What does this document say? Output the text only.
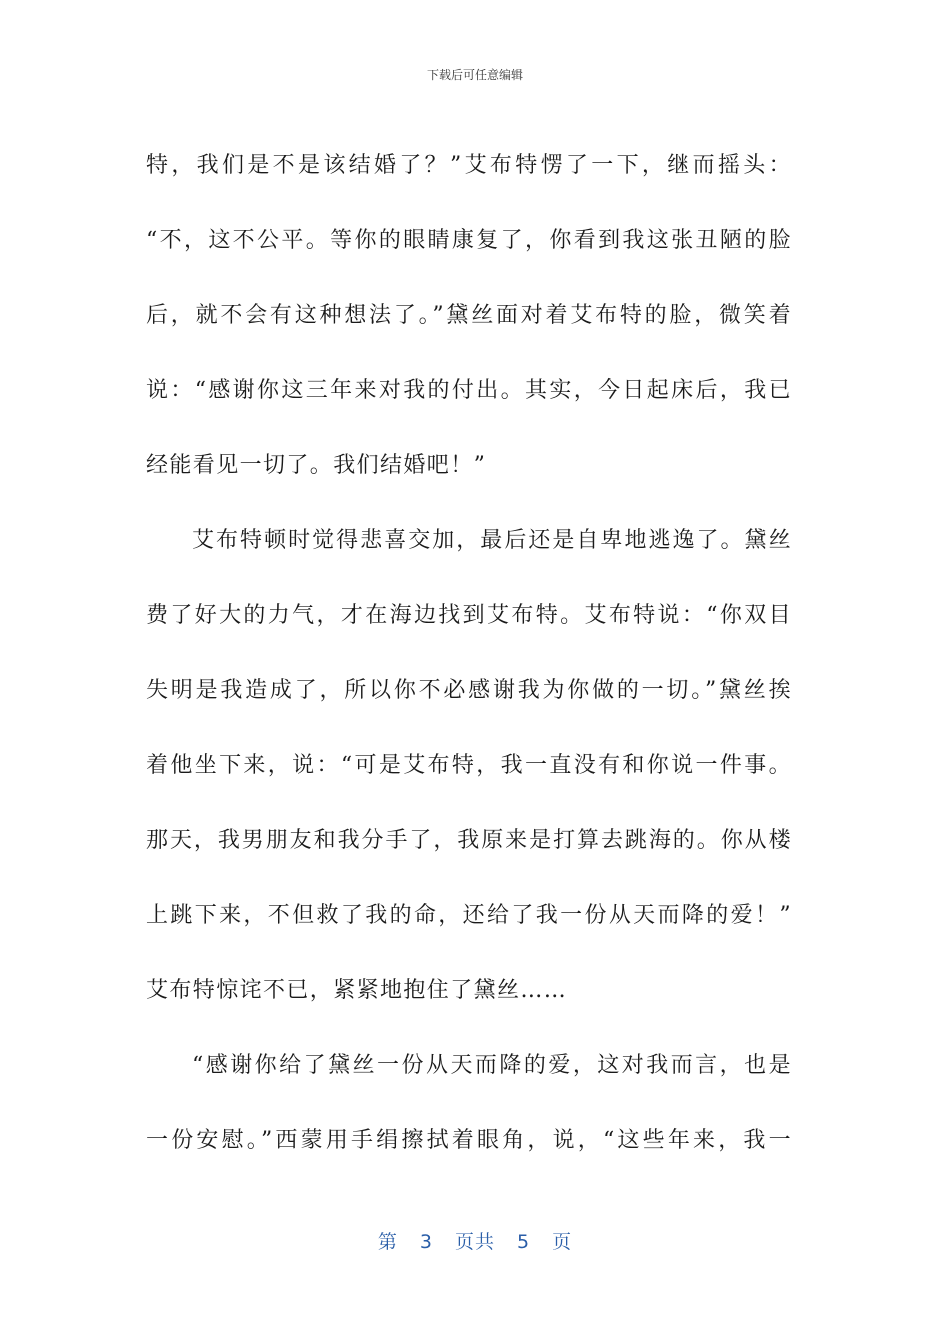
下载后可任意编辑
特，我们是不是该结婚了？”艾布特愣了一下，继而摇头：
“不，这不公平。等你的眼睛康复了，你看到我这张丑陋的脸
后，就不会有这种想法了。”黛丝面对着艾布特的脸，微笑着
说：“感谢你这三年来对我的付出。其实，今日起床后，我已
经能看见一切了。我们结婚吧！”
艾布特顿时觉得悲喜交加，最后还是自卑地逃逸了。黛丝
费了好大的力气，才在海边找到艾布特。艾布特说：“你双目
失明是我造成了，所以你不必感谢我为你做的一切。”黛丝挨
着他坐下来，说：“可是艾布特，我一直没有和你说一件事。
那天，我男朋友和我分手了，我原来是打算去跳海的。你从楼
上跳下来，不但救了我的命，还给了我一份从天而降的爱！”
艾布特惊诧不已，紧紧地抱住了黛丝……
“感谢你给了黛丝一份从天而降的爱，这对我而言，也是
一份安慰。”西蒙用手绢擦拭着眼角，说，“这些年来，我一
第 3 页共 5 页
